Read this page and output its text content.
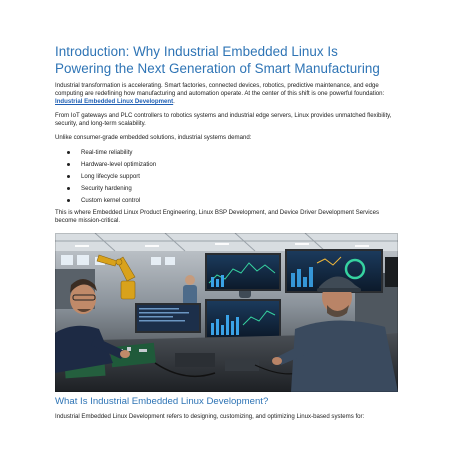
Introduction: Why Industrial Embedded Linux Is
Powering the Next Generation of Smart Manufacturing

Industrial transformation is accelerating. Smart factories, connected devices, robotics, predictive maintenance, and edge computing are redefining how manufacturing and automation operate. At the center of this shift is one powerful foundation: Industrial Embedded Linux Development.

From IoT gateways and PLC controllers to robotics systems and industrial edge servers, Linux provides unmatched flexibility, security, and long-term scalability.

Unlike consumer-grade embedded solutions, industrial systems demand:

Real-time reliability
Hardware-level optimization
Long lifecycle support
Security hardening
Custom kernel control

This is where Embedded Linux Product Engineering, Linux BSP Development, and Device Driver Development Services become mission-critical.

What Is Industrial Embedded Linux Development?

Industrial Embedded Linux Development refers to designing, customizing, and optimizing Linux-based systems for:
